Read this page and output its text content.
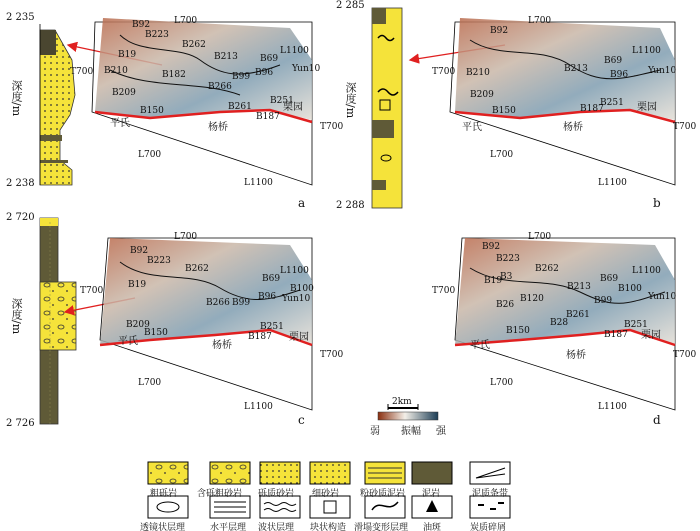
2 235
2 238
深度/m
2 285
2 288
深度/m
2 720
2 726
深度/m
a	b
c	d
L700
L1100
T700
T700
L700
L1100
L700
L1100
T700
T700
L700
L1100
L700
L1100
T700
T700
L700
L1100
L700
L1100
T700
T700
L700
L1100
平氏	杨桥
栗园
平氏	杨桥
栗园
平氏	杨桥
栗园
平氏
杨桥
栗园
B92
B223
B19
B262
B213 B69
B96 Yun10
B210	B182	B99
B209
B261
B150
B251
B187
B266
B92
B69
B96 Yun10
B210
B209
B251
B150	B187
B213
B92
B223
B262
B19
B69
B96
B100
Yun10
B266 B99
B209
B150
B251
B187
B92
B223
B262
B19
B3
B213
B69
B100
Yun10
B99
B261
B28
B150
B251
B187
B26
B120
2km
弱 振幅 强
粗砾岩 含砾粗砂岩 砾质砂岩 细砂岩 粉砂质泥岩 泥岩	泥质条带
透镜状层理	水平层理 波状层理 块状构造 滑塌变形层理 油斑	炭质碎屑
